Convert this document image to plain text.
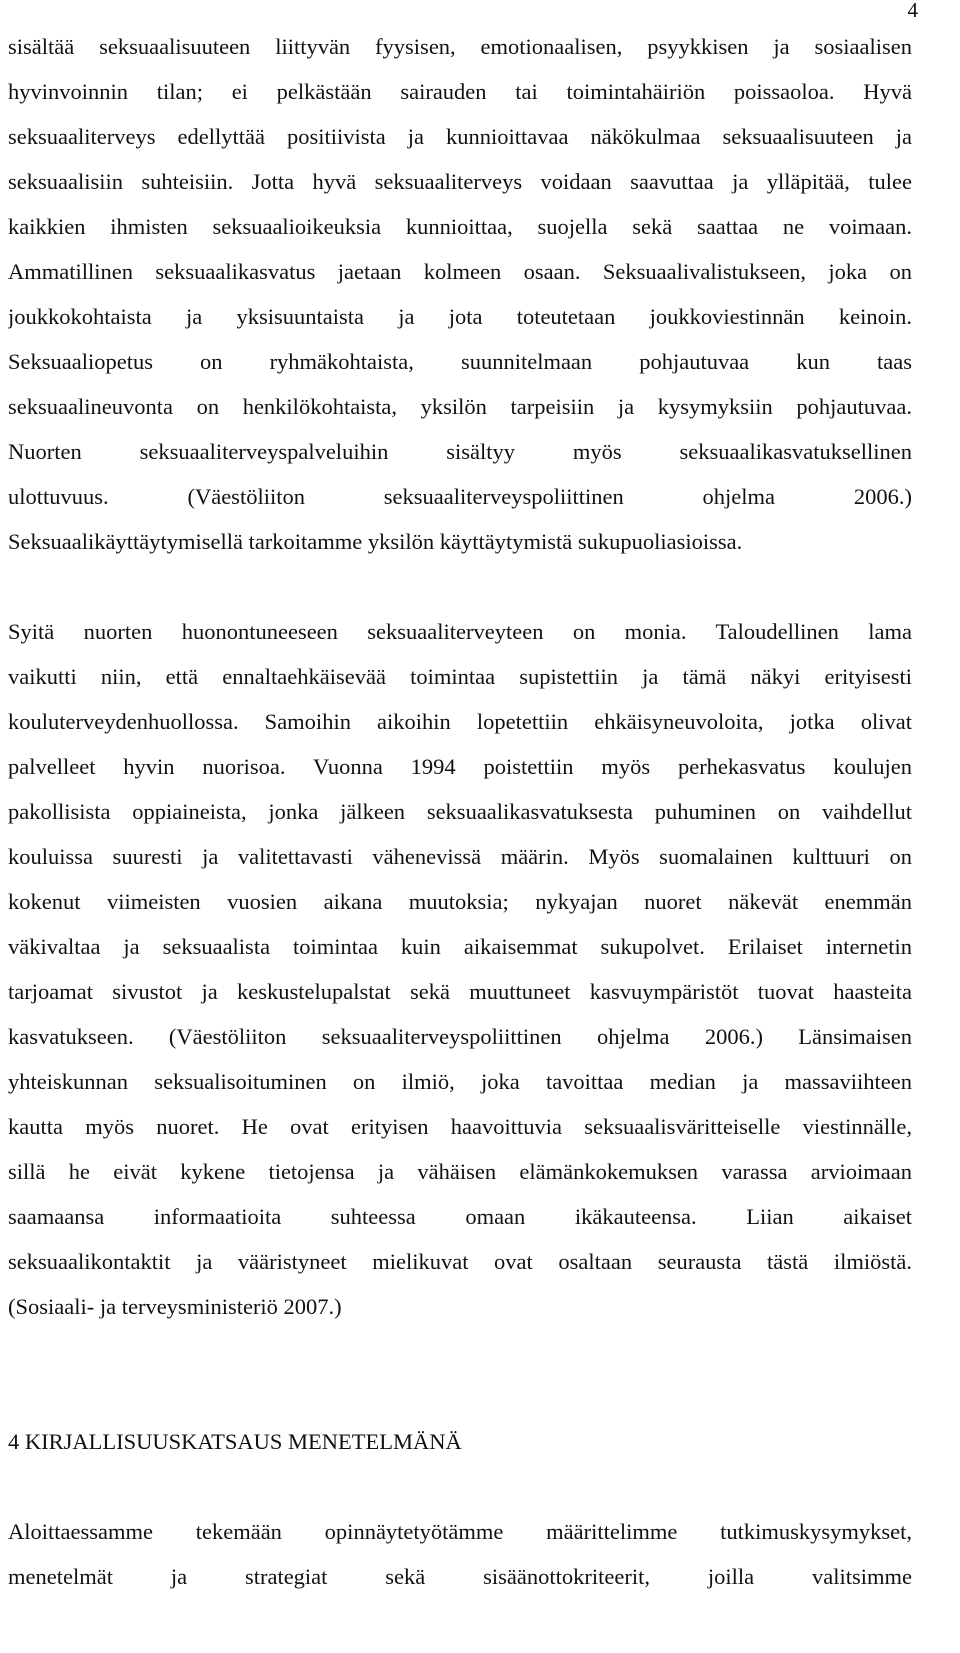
4
sisältää seksuaalisuuteen liittyvän fyysisen, emotionaalisen, psyykkisen ja sosiaalisen
hyvinvoinnin tilan; ei pelkästään sairauden tai toimintahäiriön poissaoloa. Hyvä
seksuaaliterveys edellyttää positiivista ja kunnioittavaa näkökulmaa seksuaalisuuteen ja
seksuaalisiin suhteisiin. Jotta hyvä seksuaaliterveys voidaan saavuttaa ja ylläpitää, tulee
kaikkien ihmisten seksuaalioikeuksia kunnioittaa, suojella sekä saattaa ne voimaan.
Ammatillinen seksuaalikasvatus jaetaan kolmeen osaan. Seksuaalivalistukseen, joka on
joukkokohtaista ja yksisuuntaista ja jota toteutetaan joukkoviestinnän keinoin.
Seksuaaliopetus on ryhmäkohtaista, suunnitelmaan pohjautuvaa kun taas
seksuaalineuvonta on henkilökohtaista, yksilön tarpeisiin ja kysymyksiin pohjautuvaa.
Nuorten seksuaaliterveyspalveluihin sisältyy myös seksuaalikasvatuksellinen
ulottuvuus. (Väestöliiton seksuaaliterveyspoliittinen ohjelma 2006.)
Seksuaalikäyttäytymisellä tarkoitamme yksilön käyttäytymistä sukupuoliasioissa.
Syitä nuorten huonontuneeseen seksuaaliterveyteen on monia. Taloudellinen lama
vaikutti niin, että ennaltaehkäisevää toimintaa supistettiin ja tämä näkyi erityisesti
kouluterveydenhuollossa. Samoihin aikoihin lopetettiin ehkäisyneuvoloita, jotka olivat
palvelleet hyvin nuorisoa. Vuonna 1994 poistettiin myös perhekasvatus koulujen
pakollisista oppiaineista, jonka jälkeen seksuaalikasvatuksesta puhuminen on vaihdellut
kouluissa suuresti ja valitettavasti vähenevissä määrin. Myös suomalainen kulttuuri on
kokenut viimeisten vuosien aikana muutoksia; nykyajan nuoret näkevät enemmän
väkivaltaa ja seksuaalista toimintaa kuin aikaisemmat sukupolvet. Erilaiset internetin
tarjoamat sivustot ja keskustelupalstat sekä muuttuneet kasvuympäristöt tuovat haasteita
kasvatukseen. (Väestöliiton seksuaaliterveyspoliittinen ohjelma 2006.) Länsimaisen
yhteiskunnan seksualisoituminen on ilmiö, joka tavoittaa median ja massaviihteen
kautta myös nuoret. He ovat erityisen haavoittuvia seksuaalisväritteiselle viestinnälle,
sillä he eivät kykene tietojensa ja vähäisen elämänkokemuksen varassa arvioimaan
saamaansa informaatioita suhteessa omaan ikäkauteensa. Liian aikaiset
seksuaalikontaktit ja vääristyneet mielikuvat ovat osaltaan seurausta tästä ilmiöstä.
(Sosiaali- ja terveysministeriö 2007.)
4 KIRJALLISUUSKATSAUS MENETELMÄNÄ
Aloittaessamme tekemään opinnäytetyötämme määrittelimme tutkimuskysymykset,
menetelmät ja strategiat sekä sisäänottokriteerit, joilla valitsimme
